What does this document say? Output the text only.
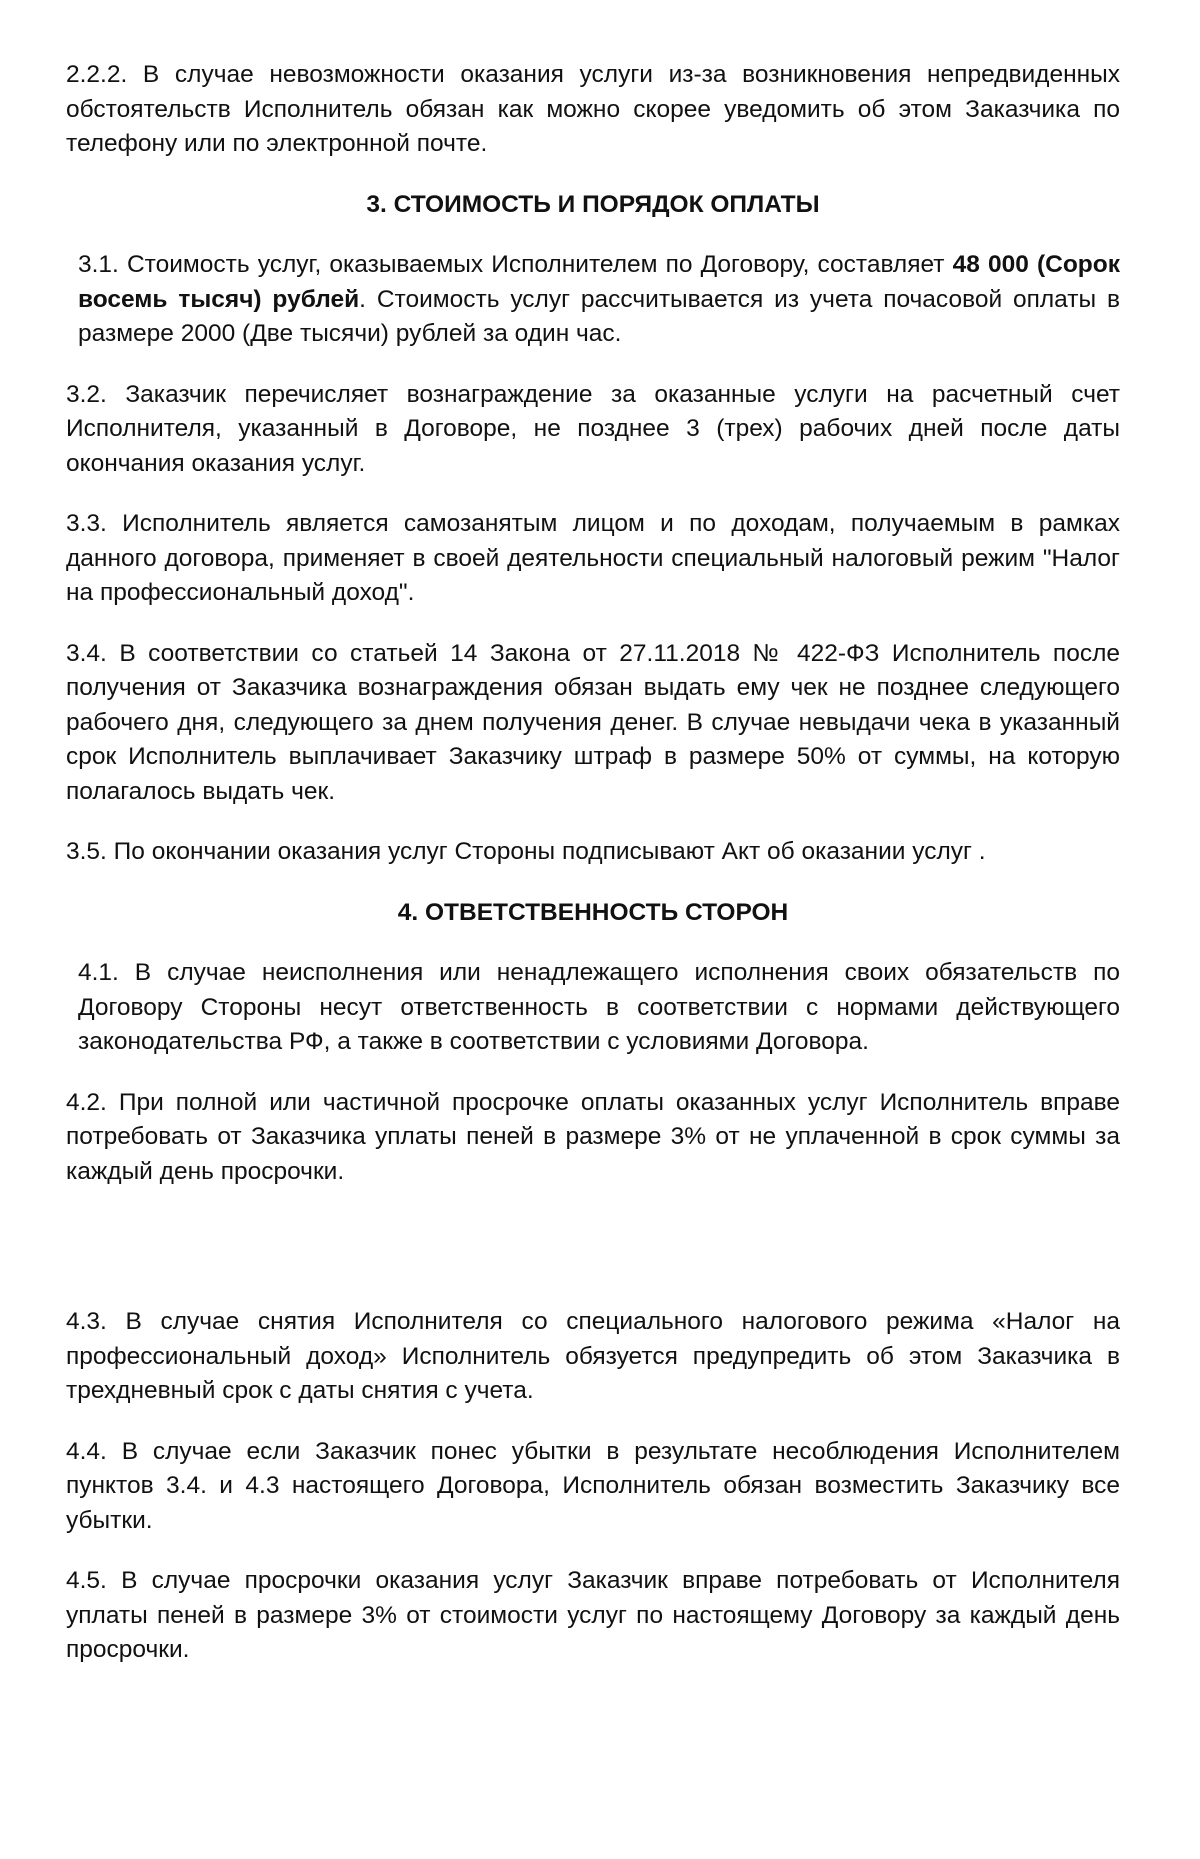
2.2.2. В случае невозможности оказания услуги из-за возникновения непредвиденных обстоятельств Исполнитель обязан как можно скорее уведомить об этом Заказчика по телефону или по электронной почте.

3. СТОИМОСТЬ И ПОРЯДОК ОПЛАТЫ

3.1. Стоимость услуг, оказываемых Исполнителем по Договору, составляет 48 000 (Сорок восемь тысяч) рублей. Стоимость услуг рассчитывается из учета почасовой оплаты в размере 2000 (Две тысячи) рублей за один час.

3.2. Заказчик перечисляет вознаграждение за оказанные услуги на расчетный счет Исполнителя, указанный в Договоре, не позднее 3 (трех) рабочих дней после даты окончания оказания услуг.

3.3. Исполнитель является самозанятым лицом и по доходам, получаемым в рамках данного договора, применяет в своей деятельности специальный налоговый режим "Налог на профессиональный доход".

3.4. В соответствии со статьей 14 Закона от 27.11.2018 № 422-ФЗ Исполнитель после получения от Заказчика вознаграждения обязан выдать ему чек не позднее следующего рабочего дня, следующего за днем получения денег. В случае невыдачи чека в указанный срок Исполнитель выплачивает Заказчику штраф в размере 50% от суммы, на которую полагалось выдать чек.

3.5. По окончании оказания услуг Стороны подписывают Акт об оказании услуг .

4. ОТВЕТСТВЕННОСТЬ СТОРОН

4.1. В случае неисполнения или ненадлежащего исполнения своих обязательств по Договору Стороны несут ответственность в соответствии с нормами действующего законодательства РФ, а также в соответствии с условиями Договора.

4.2. При полной или частичной просрочке оплаты оказанных услуг Исполнитель вправе потребовать от Заказчика уплаты пеней в размере 3% от не уплаченной в срок суммы за каждый день просрочки.

4.3. В случае снятия Исполнителя со специального налогового режима «Налог на профессиональный доход» Исполнитель обязуется предупредить об этом Заказчика в трехдневный срок с даты снятия с учета.

4.4. В случае если Заказчик понес убытки в результате несоблюдения Исполнителем пунктов 3.4. и 4.3 настоящего Договора, Исполнитель обязан возместить Заказчику все убытки.

4.5. В случае просрочки оказания услуг Заказчик вправе потребовать от Исполнителя уплаты пеней в размере 3% от стоимости услуг по настоящему Договору за каждый день просрочки.
